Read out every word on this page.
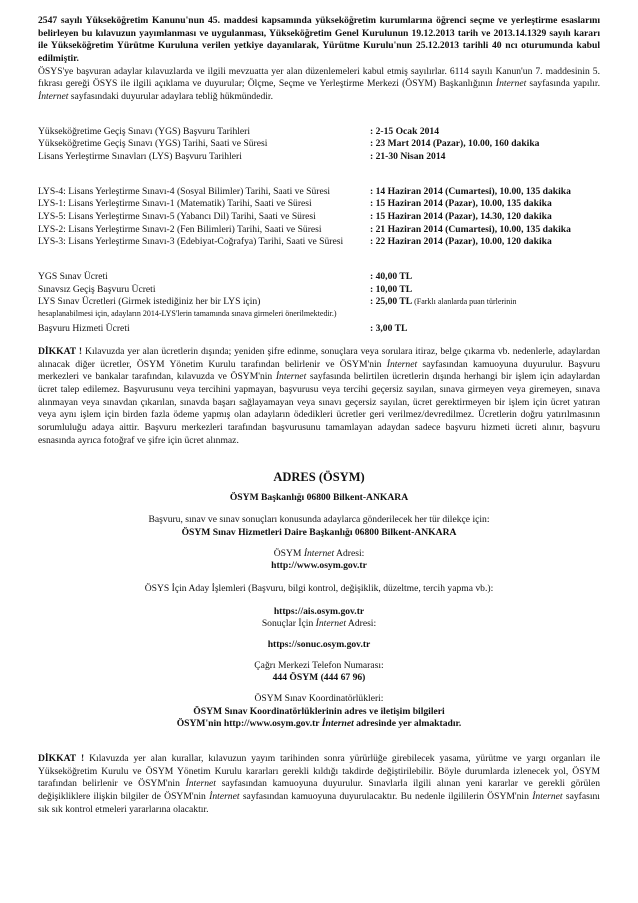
2547 sayılı Yükseköğretim Kanunu'nun 45. maddesi kapsamında yükseköğretim kurumlarına öğrenci seçme ve yerleştirme esaslarını belirleyen bu kılavuzun yayımlanması ve uygulanması, Yükseköğretim Genel Kurulunun 19.12.2013 tarih ve 2013.14.1329 sayılı kararı ile Yükseköğretim Yürütme Kuruluna verilen yetkiye dayanılarak, Yürütme Kurulu'nun 25.12.2013 tarihli 40 ncı oturumunda kabul edilmiştir.

ÖSYS'ye başvuran adaylar kılavuzlarda ve ilgili mevzuatta yer alan düzenlemeleri kabul etmiş sayılırlar. 6114 sayılı Kanun'un 7. maddesinin 5. fıkrası gereği ÖSYS ile ilgili açıklama ve duyurular; Ölçme, Seçme ve Yerleştirme Merkezi (ÖSYM) Başkanlığının İnternet sayfasında yapılır. İnternet sayfasındaki duyurular adaylara tebliğ hükmündedir.

Yükseköğretime Geçiş Sınavı (YGS) Başvuru Tarihleri	: 2-15 Ocak 2014
Yükseköğretime Geçiş Sınavı (YGS) Tarihi, Saati ve Süresi	: 23 Mart 2014 (Pazar), 10.00, 160 dakika
Lisans Yerleştirme Sınavları (LYS) Başvuru Tarihleri	: 21-30 Nisan 2014
LYS-4: Lisans Yerleştirme Sınavı-4 (Sosyal Bilimler) Tarihi, Saati ve Süresi	: 14 Haziran 2014 (Cumartesi), 10.00, 135 dakika
LYS-1: Lisans Yerleştirme Sınavı-1 (Matematik) Tarihi, Saati ve Süresi	: 15 Haziran 2014 (Pazar), 10.00, 135 dakika
LYS-5: Lisans Yerleştirme Sınavı-5 (Yabancı Dil) Tarihi, Saati ve Süresi	: 15 Haziran 2014 (Pazar), 14.30, 120 dakika
LYS-2: Lisans Yerleştirme Sınavı-2 (Fen Bilimleri) Tarihi, Saati ve Süresi	: 21 Haziran 2014 (Cumartesi), 10.00, 135 dakika
LYS-3: Lisans Yerleştirme Sınavı-3 (Edebiyat-Coğrafya) Tarihi, Saati ve Süresi	: 22 Haziran 2014 (Pazar), 10.00, 120 dakika
YGS Sınav Ücreti	: 40,00 TL
Sınavsız Geçiş Başvuru Ücreti	: 10,00 TL
LYS Sınav Ücretleri (Girmek istediğiniz her bir LYS için)	: 25,00 TL (Farklı alanlarda puan türlerinin
hesaplanabilmesi için, adayların 2014-LYS'lerin tamamında sınava girmeleri önerilmektedir.)
Başvuru Hizmeti Ücreti	: 3,00 TL

DİKKAT ! Kılavuzda yer alan ücretlerin dışında; yeniden şifre edinme, sonuçlara veya sorulara itiraz, belge çıkarma vb. nedenlerle, adaylardan alınacak diğer ücretler, ÖSYM Yönetim Kurulu tarafından belirlenir ve ÖSYM'nin İnternet sayfasından kamuoyuna duyurulur. Başvuru merkezleri ve bankalar tarafından, kılavuzda ve ÖSYM'nin İnternet sayfasında belirtilen ücretlerin dışında herhangi bir işlem için adaylardan ücret talep edilemez. Başvurusunu veya tercihini yapmayan, başvurusu veya tercihi geçersiz sayılan, sınava girmeyen veya giremeyen, sınava alınmayan veya sınavdan çıkarılan, sınavda başarı sağlayamayan veya sınavı geçersiz sayılan, ücret gerektirmeyen bir işlem için ücret yatıran veya aynı işlem için birden fazla ödeme yapmış olan adayların ödedikleri ücretler geri verilmez/devredilmez. Ücretlerin doğru yatırılmasının sorumluluğu adaya aittir. Başvuru merkezleri tarafından başvurusunu tamamlayan adaydan sadece başvuru hizmeti ücreti alınır, başvuru esnasında ayrıca fotoğraf ve şifre için ücret alınmaz.

ADRES (ÖSYM)

ÖSYM Başkanlığı 06800 Bilkent-ANKARA

Başvuru, sınav ve sınav sonuçları konusunda adaylarca gönderilecek her tür dilekçe için:

ÖSYM Sınav Hizmetleri Daire Başkanlığı 06800 Bilkent-ANKARA

ÖSYM İnternet Adresi:

http://www.osym.gov.tr

ÖSYS İçin Aday İşlemleri (Başvuru, bilgi kontrol, değişiklik, düzeltme, tercih yapma vb.):

https://ais.osym.gov.tr

Sonuçlar İçin İnternet Adresi:

https://sonuc.osym.gov.tr

Çağrı Merkezi Telefon Numarası:

444 ÖSYM (444 67 96)

ÖSYM Sınav Koordinatörlükleri:

ÖSYM Sınav Koordinatörlüklerinin adres ve iletişim bilgileri

ÖSYM'nin http://www.osym.gov.tr İnternet adresinde yer almaktadır.

DİKKAT ! Kılavuzda yer alan kurallar, kılavuzun yayım tarihinden sonra yürürlüğe girebilecek yasama, yürütme ve yargı organları ile Yükseköğretim Kurulu ve ÖSYM Yönetim Kurulu kararları gerekli kıldığı takdirde değiştirilebilir. Böyle durumlarda izlenecek yol, ÖSYM tarafından belirlenir ve ÖSYM'nin İnternet sayfasından kamuoyuna duyurulur. Sınavlarla ilgili alınan yeni kararlar ve gerekli görülen değişikliklere ilişkin bilgiler de ÖSYM'nin İnternet sayfasından kamuoyuna duyurulacaktır. Bu nedenle ilgililerin ÖSYM'nin İnternet sayfasını sık sık kontrol etmeleri yararlarına olacaktır.
